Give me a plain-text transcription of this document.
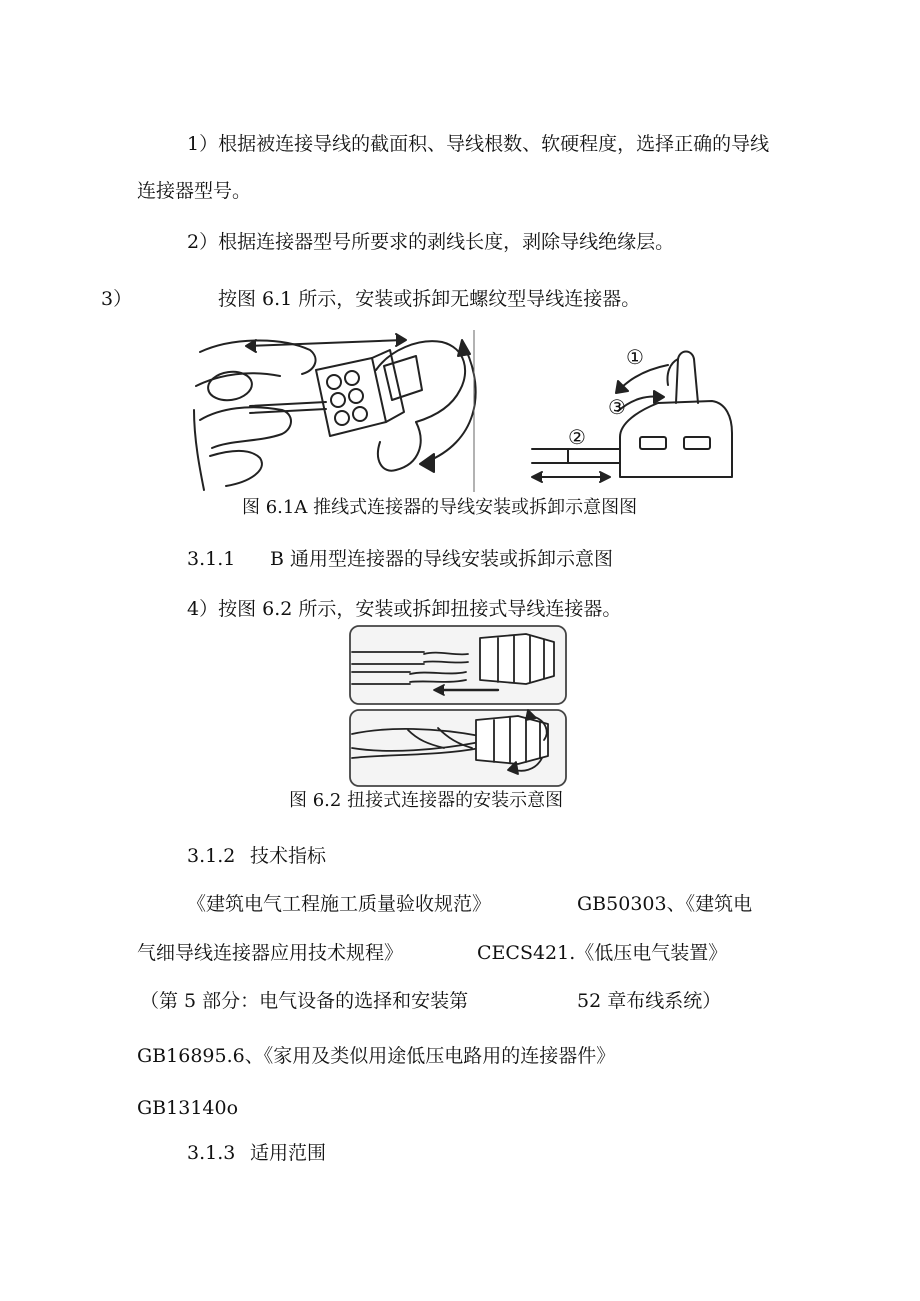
1）根据被连接导线的截面积、导线根数、软硬程度，选择正确的导线
连接器型号。
2）根据连接器型号所要求的剥线长度，剥除导线绝缘层。
3）	按图 6.1 所示，安装或拆卸无螺纹型导线连接器。
①
③
②
图 6.1A 推线式连接器的导线安装或拆卸示意图图
3.1.1 B 通用型连接器的导线安装或拆卸示意图
4）按图 6.2 所示，安装或拆卸扭接式导线连接器。
图 6.2 扭接式连接器的安装示意图
3.1.2 技术指标
《建筑电气工程施工质量验收规范》	GB50303、《建筑电
气细导线连接器应用技术规程》	CECS421.《低压电气装置》
（第 5 部分：电气设备的选择和安装第	52 章布线系统）
GB16895.6、《家用及类似用途低压电路用的连接器件》
GB13140o
3.1.3 适用范围
